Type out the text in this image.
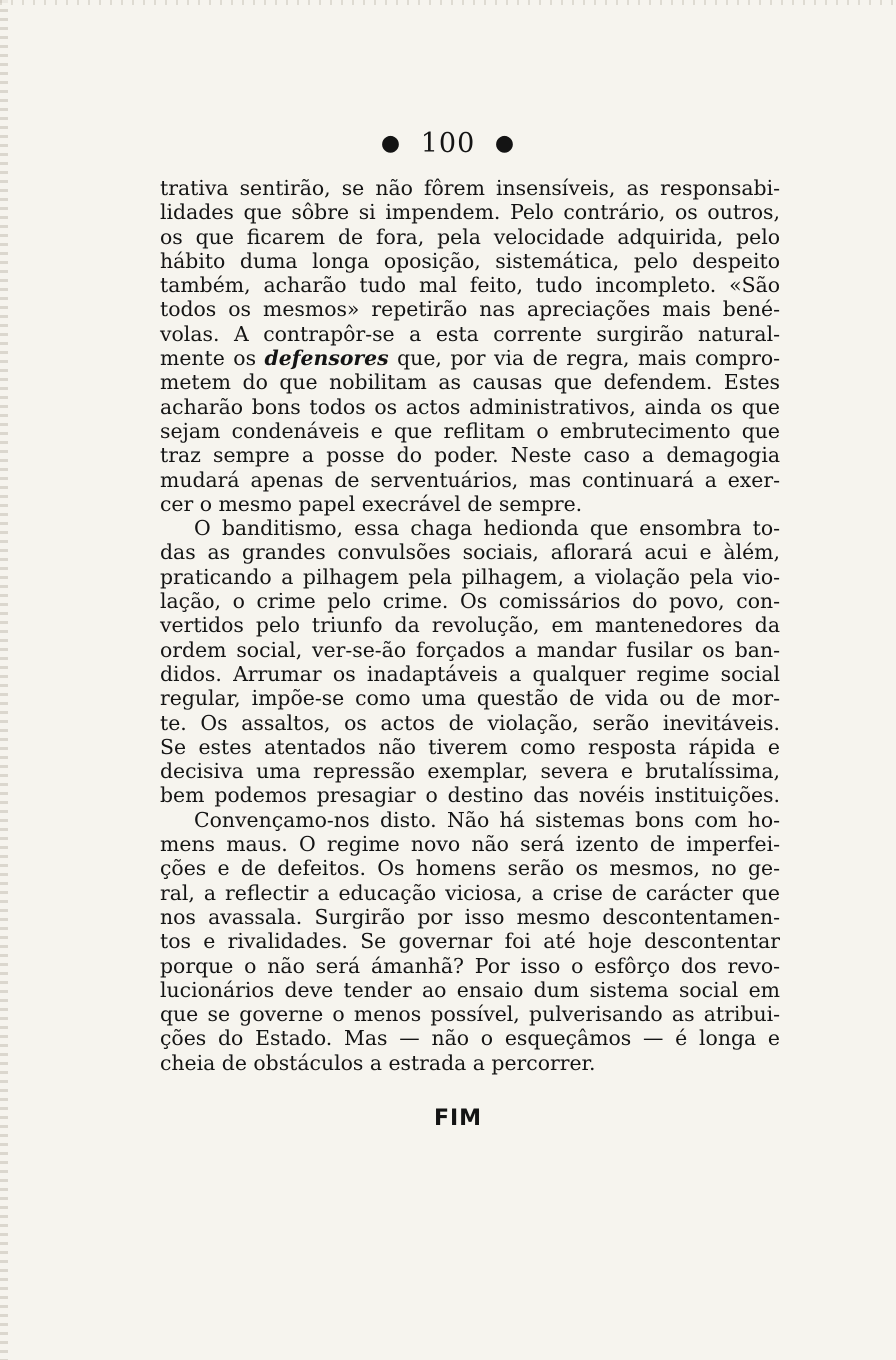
● 100 ●
trativa sentirão, se não fôrem insensíveis, as responsabi-
lidades que sôbre si impendem. Pelo contrário, os outros,
os que ficarem de fora, pela velocidade adquirida, pelo
hábito duma longa oposição, sistemática, pelo despeito
também, acharão tudo mal feito, tudo incompleto. «São
todos os mesmos» repetirão nas apreciações mais bené-
volas. A contrapôr-se a esta corrente surgirão natural-
mente os defensores que, por via de regra, mais compro-
metem do que nobilitam as causas que defendem. Estes
acharão bons todos os actos administrativos, ainda os que
sejam condenáveis e que reflitam o embrutecimento que
traz sempre a posse do poder. Neste caso a demagogia
mudará apenas de serventuários, mas continuará a exer-
cer o mesmo papel execrável de sempre.
O banditismo, essa chaga hedionda que ensombra to-
das as grandes convulsões sociais, aflorará acui e àlém,
praticando a pilhagem pela pilhagem, a violação pela vio-
lação, o crime pelo crime. Os comissários do povo, con-
vertidos pelo triunfo da revolução, em mantenedores da
ordem social, ver-se-ão forçados a mandar fusilar os ban-
didos. Arrumar os inadaptáveis a qualquer regime social
regular, impõe-se como uma questão de vida ou de mor-
te. Os assaltos, os actos de violação, serão inevitáveis.
Se estes atentados não tiverem como resposta rápida e
decisiva uma repressão exemplar, severa e brutalíssima,
bem podemos presagiar o destino das novéis instituições.
Convençamo-nos disto. Não há sistemas bons com ho-
mens maus. O regime novo não será izento de imperfei-
ções e de defeitos. Os homens serão os mesmos, no ge-
ral, a reflectir a educação viciosa, a crise de carácter que
nos avassala. Surgirão por isso mesmo descontentamen-
tos e rivalidades. Se governar foi até hoje descontentar
porque o não será ámanhã? Por isso o esfôrço dos revo-
lucionários deve tender ao ensaio dum sistema social em
que se governe o menos possível, pulverisando as atribui-
ções do Estado. Mas — não o esqueçâmos — é longa e
cheia de obstáculos a estrada a percorrer.
FIM
